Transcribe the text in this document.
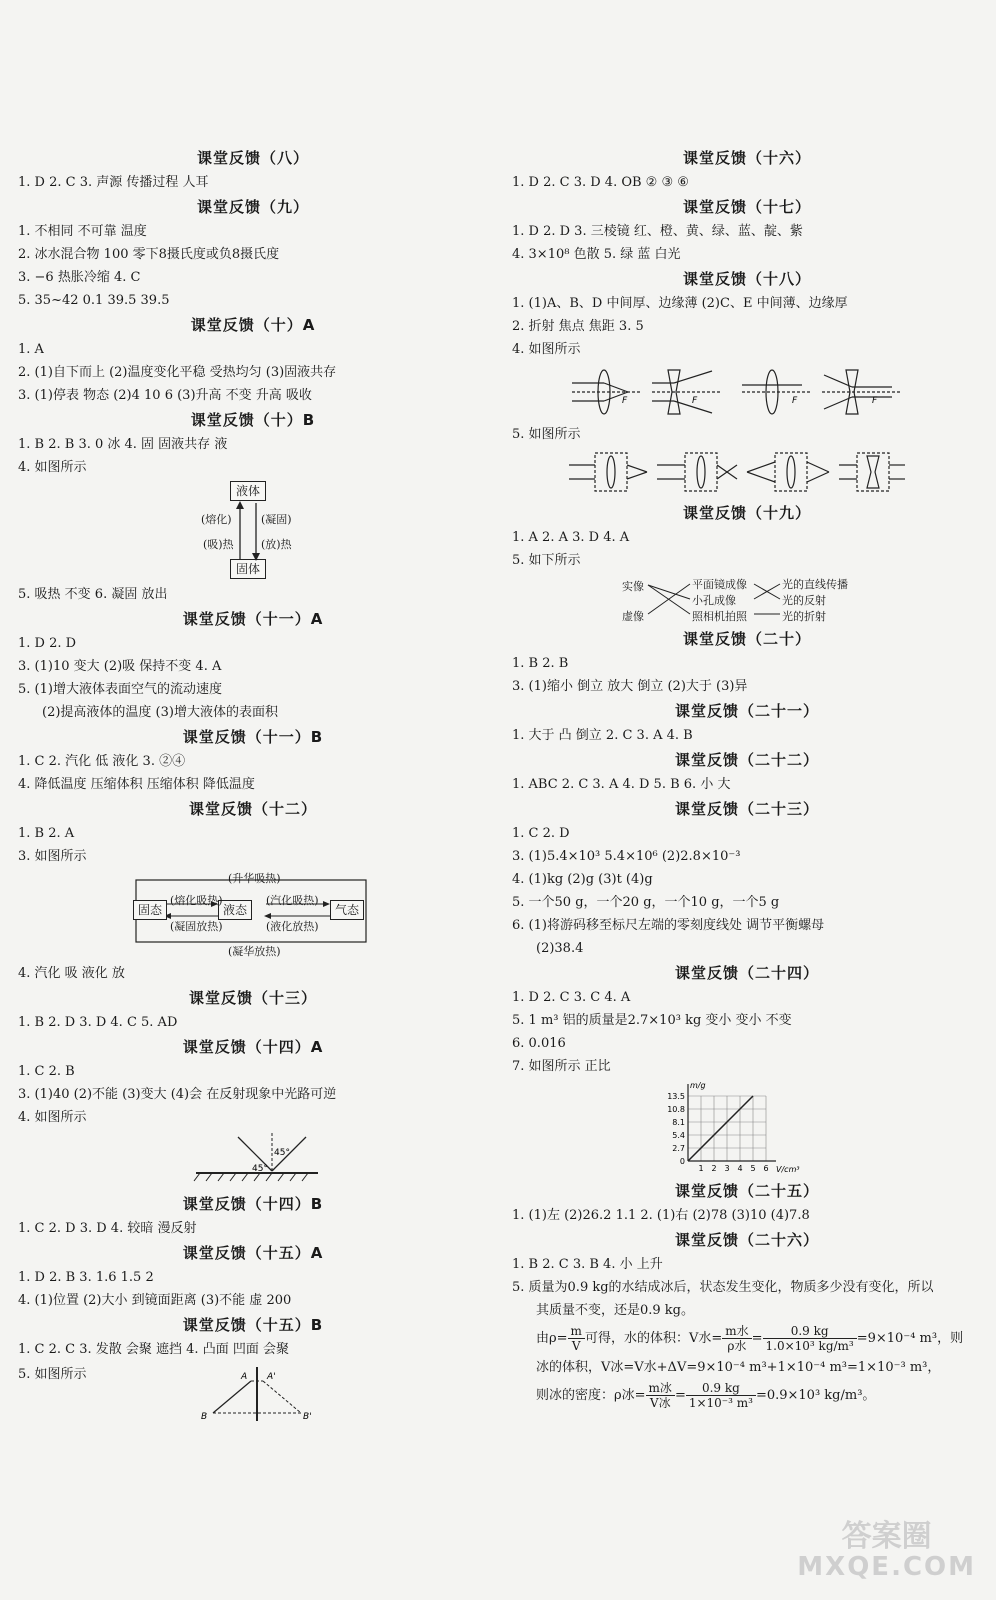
课堂反馈（八）
1. D 2. C 3. 声源 传播过程 人耳
课堂反馈（九）
1. 不相同 不可靠 温度
2. 冰水混合物 100 零下8摄氏度或负8摄氏度
3. −6 热胀冷缩 4. C
5. 35~42 0.1 39.5 39.5
课堂反馈（十）A
1. A
2. (1)自下而上 (2)温度变化平稳 受热均匀 (3)固液共存
3. (1)停表 物态 (2)4 10 6 (3)升高 不变 升高 吸收
课堂反馈（十）B
1. B 2. B 3. 0 冰 4. 固 固液共存 液
4. 如图所示
液体
固体
(熔化)
(吸)热
(凝固)
(放)热
5. 吸热 不变 6. 凝固 放出
课堂反馈（十一）A
1. D 2. D
3. (1)10 变大 (2)吸 保持不变 4. A
5. (1)增大液体表面空气的流动速度
(2)提高液体的温度 (3)增大液体的表面积
课堂反馈（十一）B
1. C 2. 汽化 低 液化 3. ②④
4. 降低温度 压缩体积 压缩体积 降低温度
课堂反馈（十二）
1. B 2. A
3. 如图所示
固态	液态	气态
(升华吸热)
(熔化吸热)
(凝固放热)
(汽化吸热)
(液化放热)
(凝华放热)
4. 汽化 吸 液化 放
课堂反馈（十三）
1. B 2. D 3. D 4. C 5. AD
课堂反馈（十四）A
1. C 2. B
3. (1)40 (2)不能 (3)变大 (4)会 在反射现象中光路可逆
4. 如图所示
45°
45°
课堂反馈（十四）B
1. C 2. D 3. D 4. 较暗 漫反射
课堂反馈（十五）A
1. D 2. B 3. 1.6 1.5 2
4. (1)位置 (2)大小 到镜面距离 (3)不能 虚 200
课堂反馈（十五）B
1. C 2. C 3. 发散 会聚 遮挡 4. 凸面 凹面 会聚
5. 如图所示	A A'
B	B'
课堂反馈（十六）
1. D 2. C 3. D 4. OB ② ③ ⑥
课堂反馈（十七）
1. D 2. D 3. 三棱镜 红、橙、黄、绿、蓝、靛、紫
4. 3×10⁸ 色散 5. 绿 蓝 白光
课堂反馈（十八）
1. (1)A、B、D 中间厚、边缘薄 (2)C、E 中间薄、边缘厚
2. 折射 焦点 焦距 3. 5
4. 如图所示
F	F	F	F
5. 如图所示
课堂反馈（十九）
1. A 2. A 3. D 4. A
5. 如下所示
实像
虚像
平面镜成像
小孔成像
照相机拍照
光的直线传播
光的反射
光的折射
课堂反馈（二十）
1. B 2. B
3. (1)缩小 倒立 放大 倒立 (2)大于 (3)异
课堂反馈（二十一）
1. 大于 凸 倒立 2. C 3. A 4. B
课堂反馈（二十二）
1. ABC 2. C 3. A 4. D 5. B 6. 小 大
课堂反馈（二十三）
1. C 2. D
3. (1)5.4×10³ 5.4×10⁶ (2)2.8×10⁻³
4. (1)kg (2)g (3)t (4)g
5. 一个50 g，一个20 g，一个10 g，一个5 g
6. (1)将游码移至标尺左端的零刻度线处 调节平衡螺母
(2)38.4
课堂反馈（二十四）
1. D 2. C 3. C 4. A
5. 1 m³ 铝的质量是2.7×10³ kg 变小 变小 不变
6. 0.016
7. 如图所示 正比
m/g
V/cm³
13.5
10.8
8.1
5.4
2.7
0
1 2 3 4 5 6
课堂反馈（二十五）
1. (1)左 (2)26.2 1.1 2. (1)右 (2)78 (3)10 (4)7.8
课堂反馈（二十六）
1. B 2. C 3. B 4. 小 上升
5. 质量为0.9 kg的水结成冰后，状态发生变化，物质多少没有变化，所以
其质量不变，还是0.9 kg。
由$\rho= \frac{m}{V}$ 可得，水的体积：V水= $\frac{\text{m水}}{\text{ρ水}} = \frac{0.9 kg}{\text{1.0×10³ kg/m³}} =9\times 10^{-4}$ m³，则
冰的体积，V冰=V水+ΔV=9×10⁻⁴ m³+1×10⁻⁴ m³=1×10⁻³ m³，
则冰的密度：ρ冰= $\frac{\text{m冰}}{\text{V冰}} = \frac{0.9 kg}{\text{1×10⁻³ m³}} =0.9\times 10^3$ kg/m³。
答案圈
MXQE.COM
